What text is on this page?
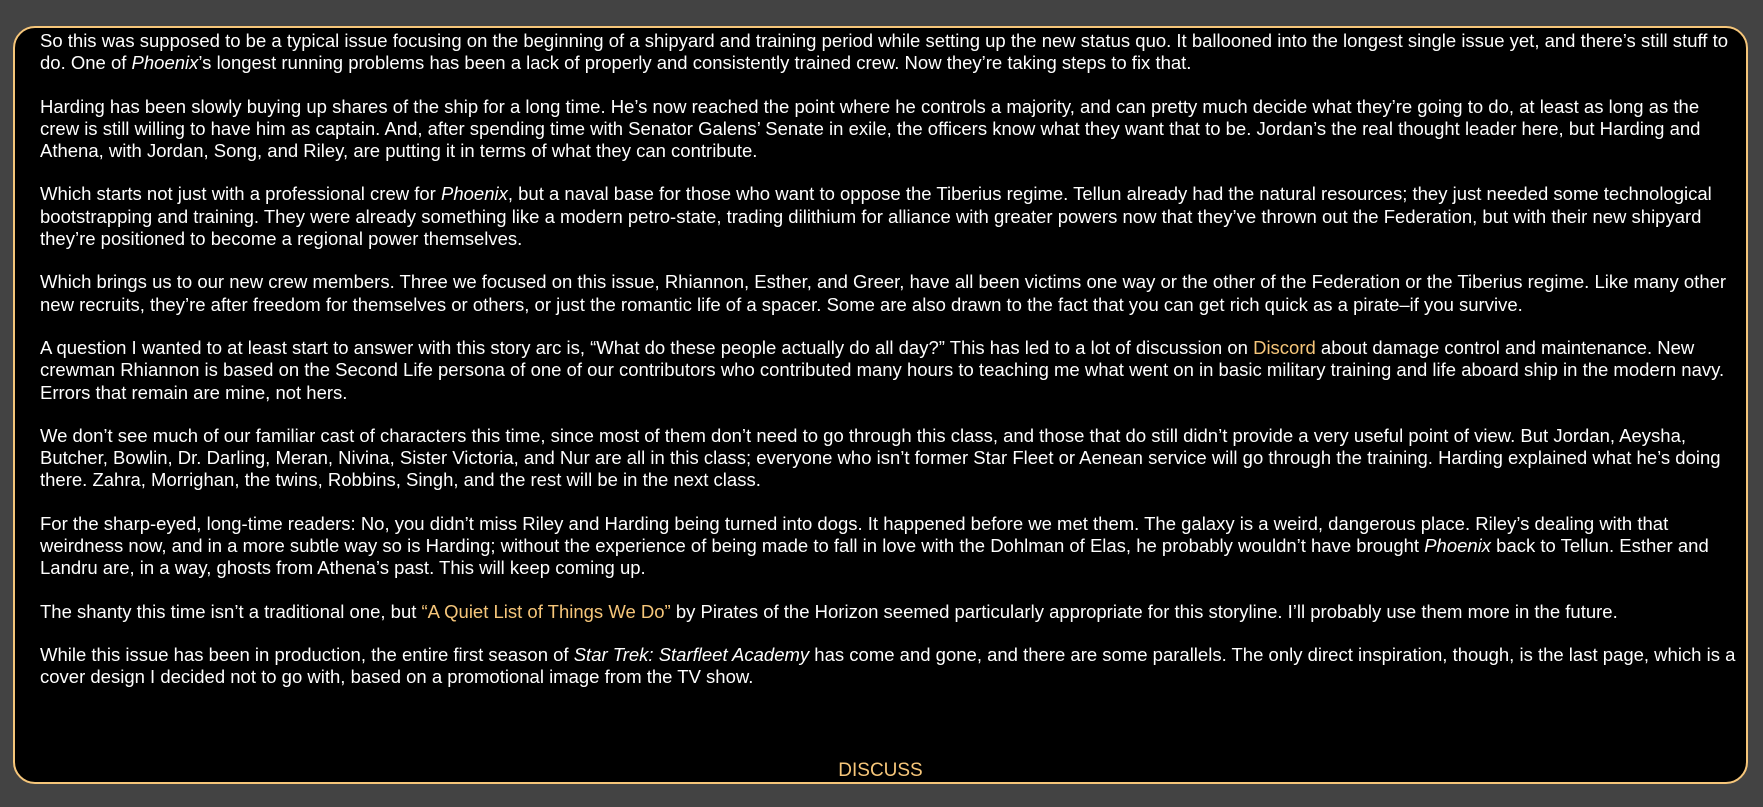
So this was supposed to be a typical issue focusing on the beginning of a shipyard and training period while setting up the new status quo. It ballooned into the longest single issue yet, and there’s still stuff to do. One of Phoenix’s longest running problems has been a lack of properly and consistently trained crew. Now they’re taking steps to fix that.

Harding has been slowly buying up shares of the ship for a long time. He’s now reached the point where he controls a majority, and can pretty much decide what they’re going to do, at least as long as the crew is still willing to have him as captain. And, after spending time with Senator Galens’ Senate in exile, the officers know what they want that to be. Jordan’s the real thought leader here, but Harding and Athena, with Jordan, Song, and Riley, are putting it in terms of what they can contribute.

Which starts not just with a professional crew for Phoenix, but a naval base for those who want to oppose the Tiberius regime. Tellun already had the natural resources; they just needed some technological bootstrapping and training. They were already something like a modern petro-state, trading dilithium for alliance with greater powers now that they’ve thrown out the Federation, but with their new shipyard they’re positioned to become a regional power themselves.

Which brings us to our new crew members. Three we focused on this issue, Rhiannon, Esther, and Greer, have all been victims one way or the other of the Federation or the Tiberius regime. Like many other new recruits, they’re after freedom for themselves or others, or just the romantic life of a spacer. Some are also drawn to the fact that you can get rich quick as a pirate–if you survive.

A question I wanted to at least start to answer with this story arc is, “What do these people actually do all day?” This has led to a lot of discussion on Discord about damage control and maintenance. New crewman Rhiannon is based on the Second Life persona of one of our contributors who contributed many hours to teaching me what went on in basic military training and life aboard ship in the modern navy. Errors that remain are mine, not hers.

We don’t see much of our familiar cast of characters this time, since most of them don’t need to go through this class, and those that do still didn’t provide a very useful point of view. But Jordan, Aeysha, Butcher, Bowlin, Dr. Darling, Meran, Nivina, Sister Victoria, and Nur are all in this class; everyone who isn’t former Star Fleet or Aenean service will go through the training. Harding explained what he’s doing there. Zahra, Morrighan, the twins, Robbins, Singh, and the rest will be in the next class.

For the sharp-eyed, long-time readers: No, you didn’t miss Riley and Harding being turned into dogs. It happened before we met them. The galaxy is a weird, dangerous place. Riley’s dealing with that weirdness now, and in a more subtle way so is Harding; without the experience of being made to fall in love with the Dohlman of Elas, he probably wouldn’t have brought Phoenix back to Tellun. Esther and Landru are, in a way, ghosts from Athena’s past. This will keep coming up.

The shanty this time isn’t a traditional one, but “A Quiet List of Things We Do” by Pirates of the Horizon seemed particularly appropriate for this storyline. I’ll probably use them more in the future.

While this issue has been in production, the entire first season of Star Trek: Starfleet Academy has come and gone, and there are some parallels. The only direct inspiration, though, is the last page, which is a cover design I decided not to go with, based on a promotional image from the TV show.

DISCUSS
